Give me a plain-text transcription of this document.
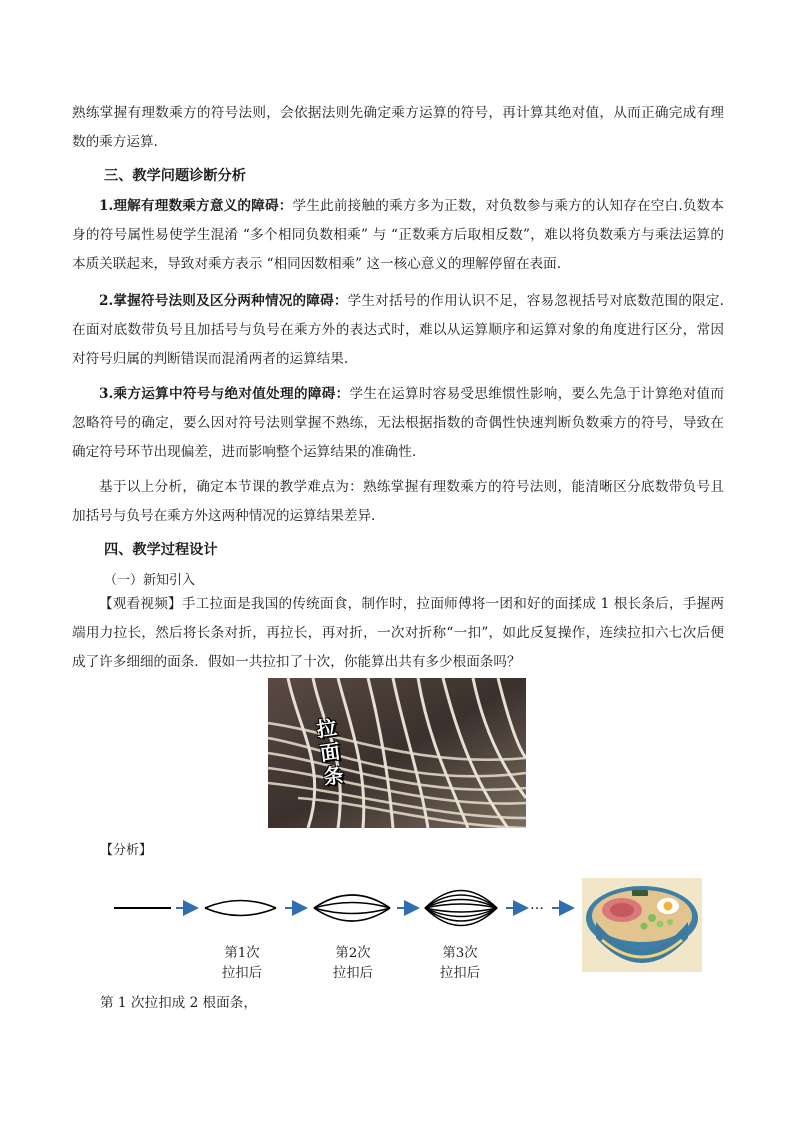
熟练掌握有理数乘方的符号法则，会依据法则先确定乘方运算的符号，再计算其绝对值，从而正确完成有理数的乘方运算.

三、教学问题诊断分析

1.理解有理数乘方意义的障碍：学生此前接触的乘方多为正数，对负数参与乘方的认知存在空白.负数本身的符号属性易使学生混淆 “多个相同负数相乘” 与 “正数乘方后取相反数”，难以将负数乘方与乘法运算的本质关联起来，导致对乘方表示 “相同因数相乘” 这一核心意义的理解停留在表面.

2.掌握符号法则及区分两种情况的障碍：学生对括号的作用认识不足，容易忽视括号对底数范围的限定.在面对底数带负号且加括号与负号在乘方外的表达式时，难以从运算顺序和运算对象的角度进行区分，常因对符号归属的判断错误而混淆两者的运算结果.

3.乘方运算中符号与绝对值处理的障碍：学生在运算时容易受思维惯性影响，要么先急于计算绝对值而忽略符号的确定，要么因对符号法则掌握不熟练，无法根据指数的奇偶性快速判断负数乘方的符号，导致在确定符号环节出现偏差，进而影响整个运算结果的准确性.

基于以上分析，确定本节课的教学难点为：熟练掌握有理数乘方的符号法则，能清晰区分底数带负号且加括号与负号在乘方外这两种情况的运算结果差异.

四、教学过程设计

（一）新知引入

【观看视频】手工拉面是我国的传统面食，制作时，拉面师傅将一团和好的面揉成 1 根长条后，手握两端用力拉长，然后将长条对折，再拉长，再对折，一次对折称“一扣”，如此反复操作，连续拉扣六七次后便成了许多细细的面条．假如一共拉扣了十次，你能算出共有多少根面条吗？

拉面条

【分析】

…
第1次
拉扣后
第2次
拉扣后
第3次
拉扣后

第 1 次拉扣成 2 根面条，
